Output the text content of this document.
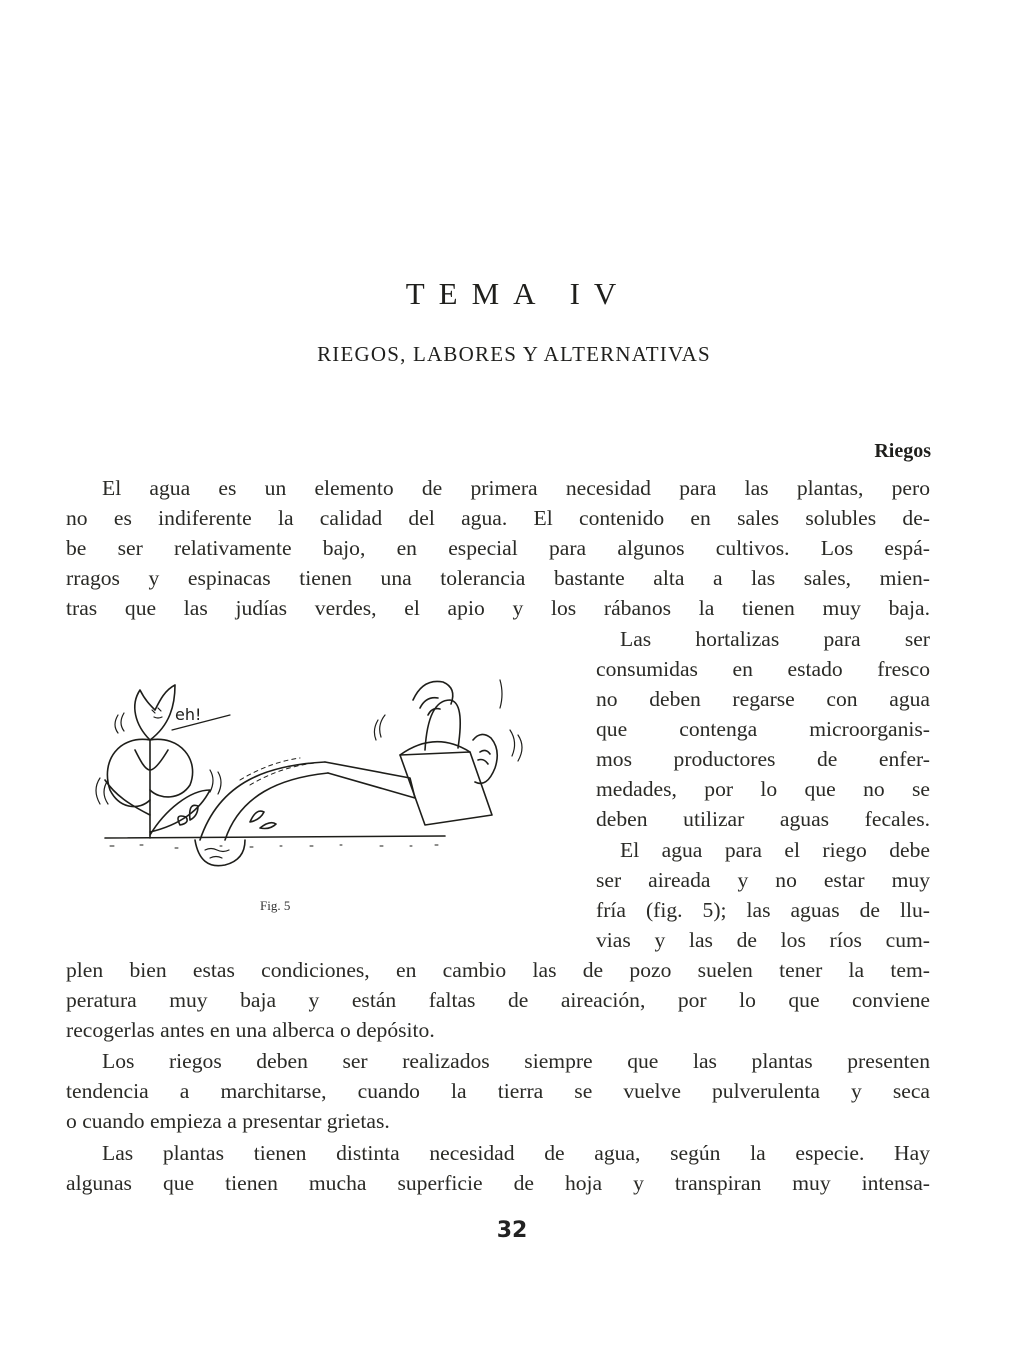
TEMA IV
RIEGOS, LABORES Y ALTERNATIVAS
Riegos
El agua es un elemento de primera necesidad para las plantas, pero
no es indiferente la calidad del agua. El contenido en sales solubles de-
be ser relativamente bajo, en especial para algunos cultivos. Los espá-
rragos y espinacas tienen una tolerancia bastante alta a las sales, mien-
tras que las judías verdes, el apio y los rábanos la tienen muy baja.
Las hortalizas para ser
consumidas en estado fresco
no deben regarse con agua
que contenga microorganis-
mos productores de enfer-
medades, por lo que no se
deben utilizar aguas fecales.
El agua para el riego debe
ser aireada y no estar muy
fría (fig. 5); las aguas de llu-
vias y las de los ríos cum-
plen bien estas condiciones, en cambio las de pozo suelen tener la tem-
peratura muy baja y están faltas de aireación, por lo que conviene
recogerlas antes en una alberca o depósito.
Los riegos deben ser realizados siempre que las plantas presenten
tendencia a marchitarse, cuando la tierra se vuelve pulverulenta y seca
o cuando empieza a presentar grietas.
Las plantas tienen distinta necesidad de agua, según la especie. Hay
algunas que tienen mucha superficie de hoja y transpiran muy intensa-
eh!
Fig. 5
32
